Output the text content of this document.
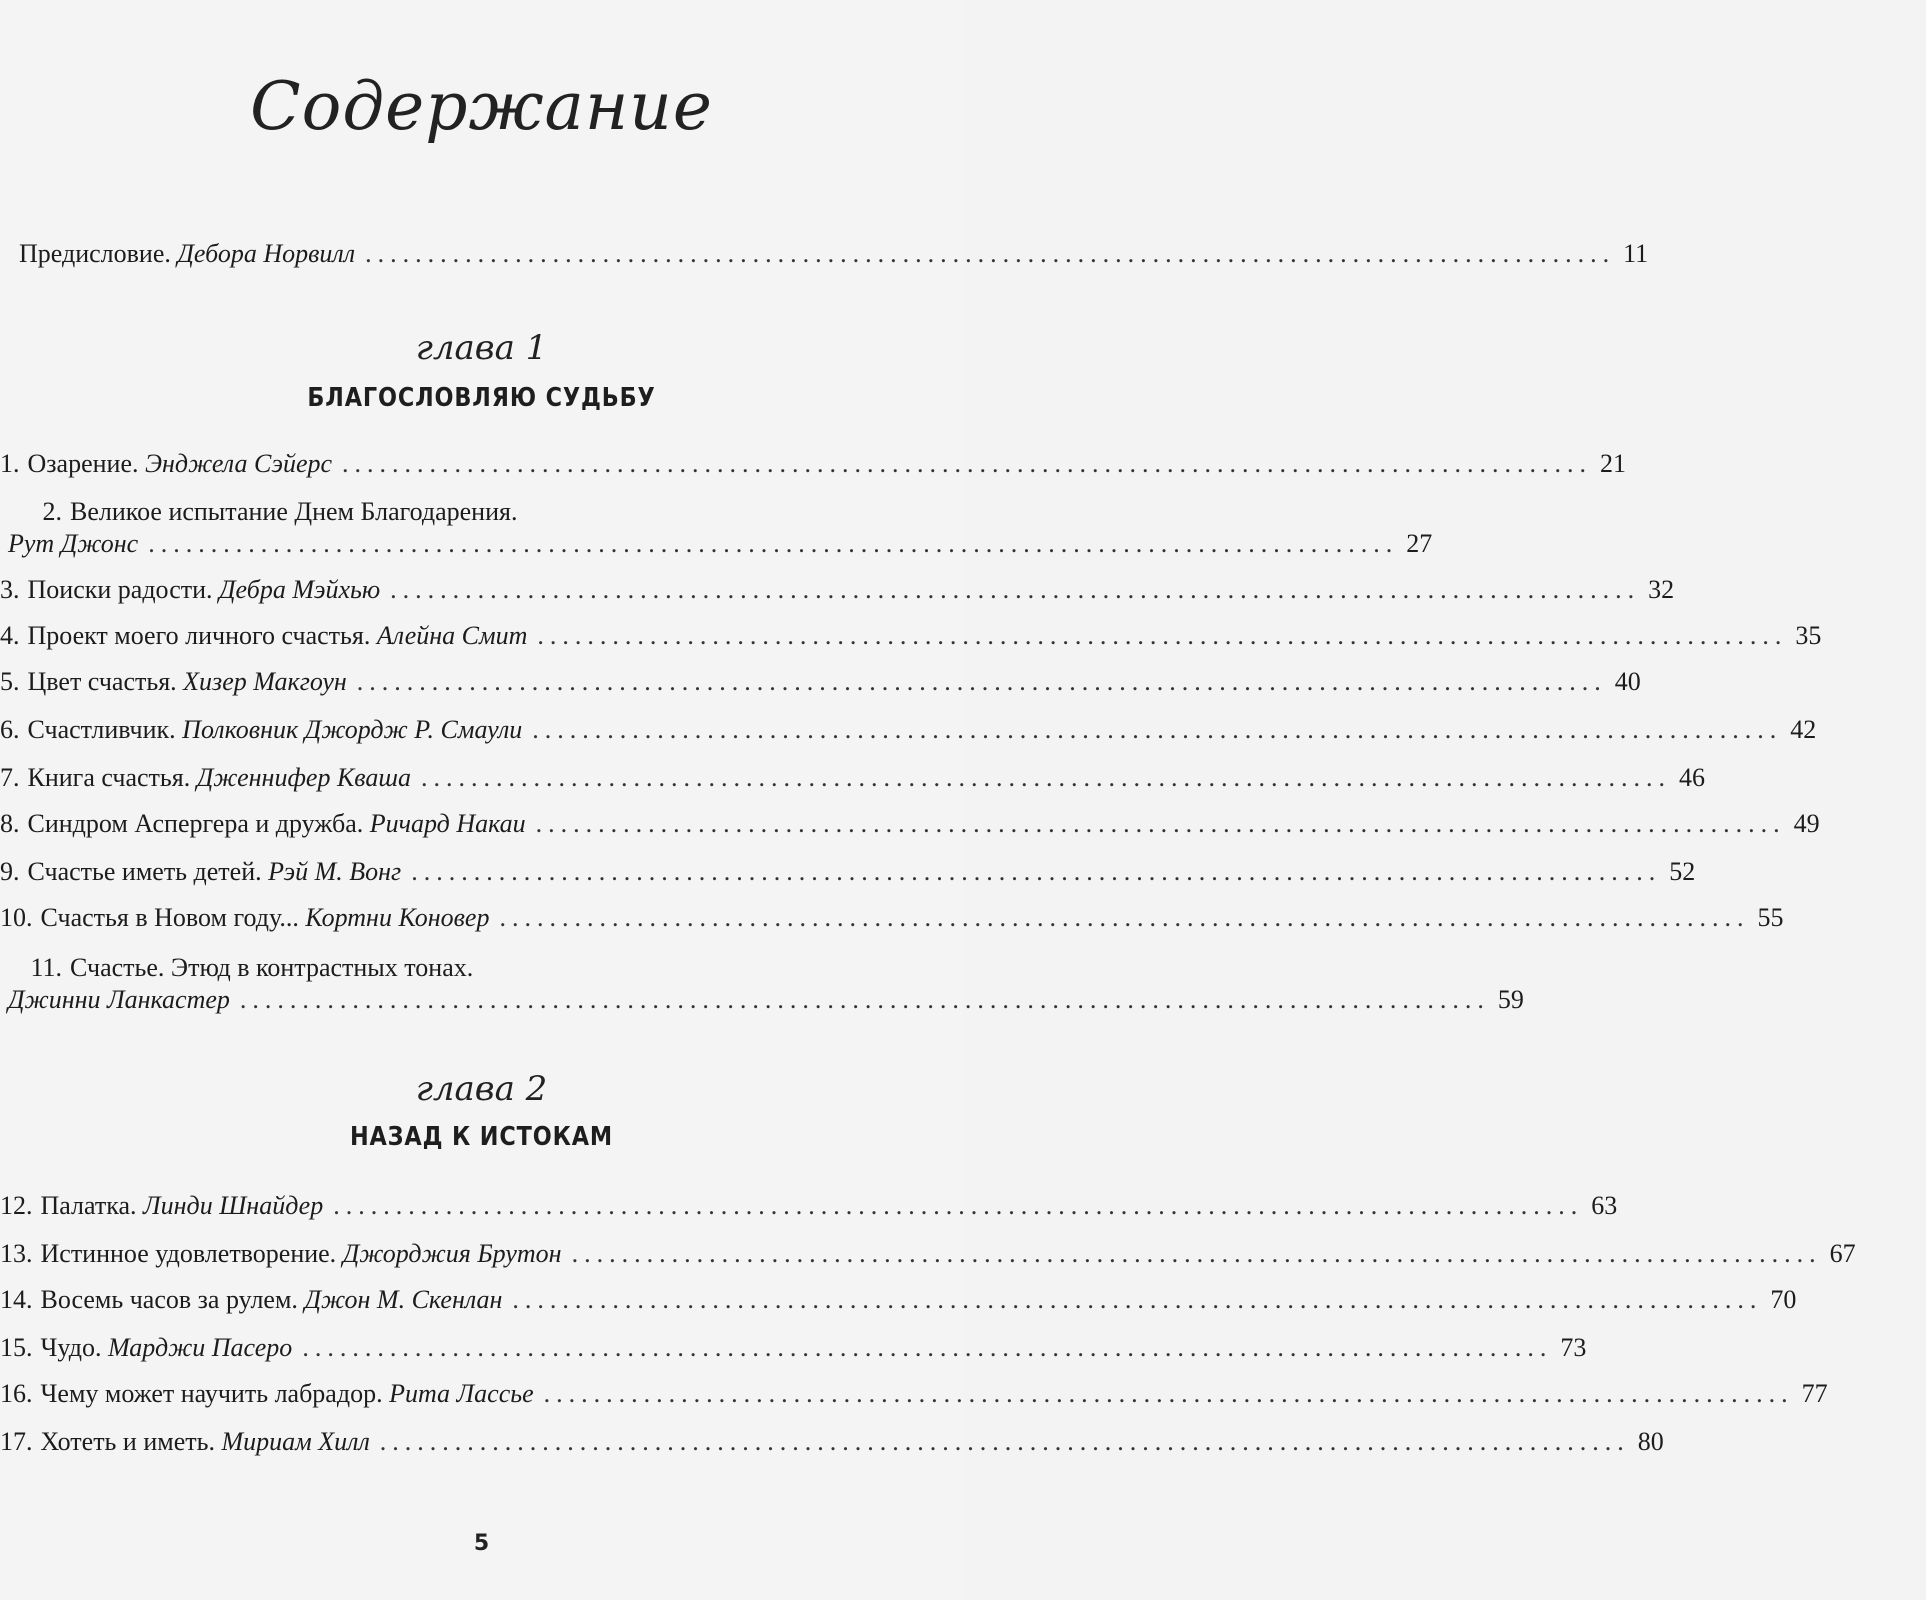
Содержание
Предисловие. Дебора Норвилл .................................................................................................... 11
глава 1
БЛАГОСЛОВЛЯЮ СУДЬБУ
1. Озарение. Энджела Сэйерс .................................................................................................... 21
2. Великое испытание Днем Благодарения.
Рут Джонс .................................................................................................... 27
3. Поиски радости. Дебра Мэйхью .................................................................................................... 32
4. Проект моего личного счастья. Алейна Смит .................................................................................................... 35
5. Цвет счастья. Хизер Макгоун .................................................................................................... 40
6. Счастливчик. Полковник Джордж Р. Смаули .................................................................................................... 42
7. Книга счастья. Дженнифер Кваша .................................................................................................... 46
8. Синдром Аспергера и дружба. Ричард Накаи .................................................................................................... 49
9. Счастье иметь детей. Рэй М. Вонг .................................................................................................... 52
10. Счастья в Новом году... Кортни Коновер .................................................................................................... 55
11. Счастье. Этюд в контрастных тонах.
Джинни Ланкастер .................................................................................................... 59
глава 2
НАЗАД К ИСТОКАМ
12. Палатка. Линди Шнайдер .................................................................................................... 63
13. Истинное удовлетворение. Джорджия Брутон .................................................................................................... 67
14. Восемь часов за рулем. Джон М. Скенлан .................................................................................................... 70
15. Чудо. Марджи Пасеро .................................................................................................... 73
16. Чему может научить лабрадор. Рита Лассье .................................................................................................... 77
17. Хотеть и иметь. Мириам Хилл .................................................................................................... 80
5
